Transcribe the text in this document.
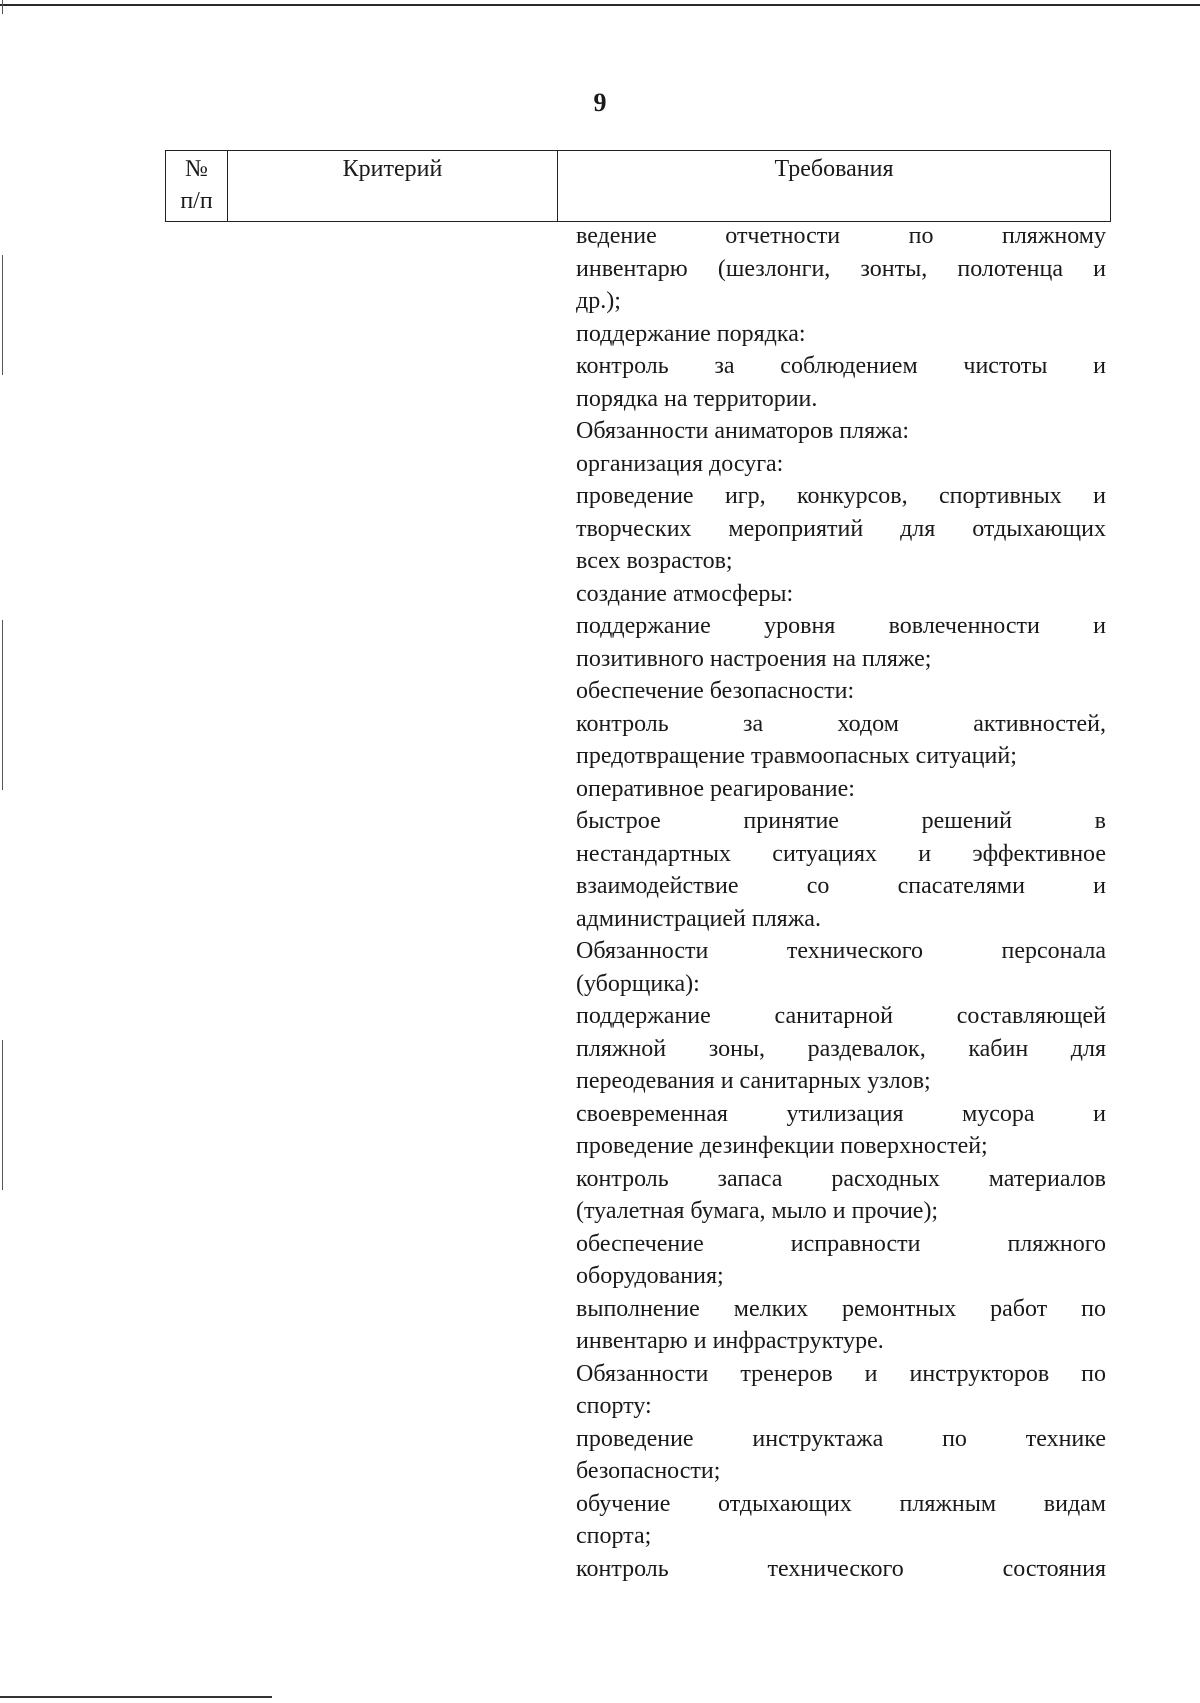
9
№
п/п	Критерий	Требования

ведение отчетности по пляжному

инвентарю (шезлонги, зонты, полотенца и

др.);

поддержание порядка:

контроль за соблюдением чистоты и

порядка на территории.

Обязанности аниматоров пляжа:

организация досуга:

проведение игр, конкурсов, спортивных и

творческих мероприятий для отдыхающих

всех возрастов;

создание атмосферы:

поддержание уровня вовлеченности и

позитивного настроения на пляже;

обеспечение безопасности:

контроль за ходом активностей,

предотвращение травмоопасных ситуаций;

оперативное реагирование:

быстрое принятие решений в

нестандартных ситуациях и эффективное

взаимодействие со спасателями и

администрацией пляжа.

Обязанности технического персонала

(уборщика):

поддержание санитарной составляющей

пляжной зоны, раздевалок, кабин для

переодевания и санитарных узлов;

своевременная утилизация мусора и

проведение дезинфекции поверхностей;

контроль запаса расходных материалов

(туалетная бумага, мыло и прочие);

обеспечение исправности пляжного

оборудования;

выполнение мелких ремонтных работ по

инвентарю и инфраструктуре.

Обязанности тренеров и инструкторов по

спорту:

проведение инструктажа по технике

безопасности;

обучение отдыхающих пляжным видам

спорта;

контроль технического состояния
